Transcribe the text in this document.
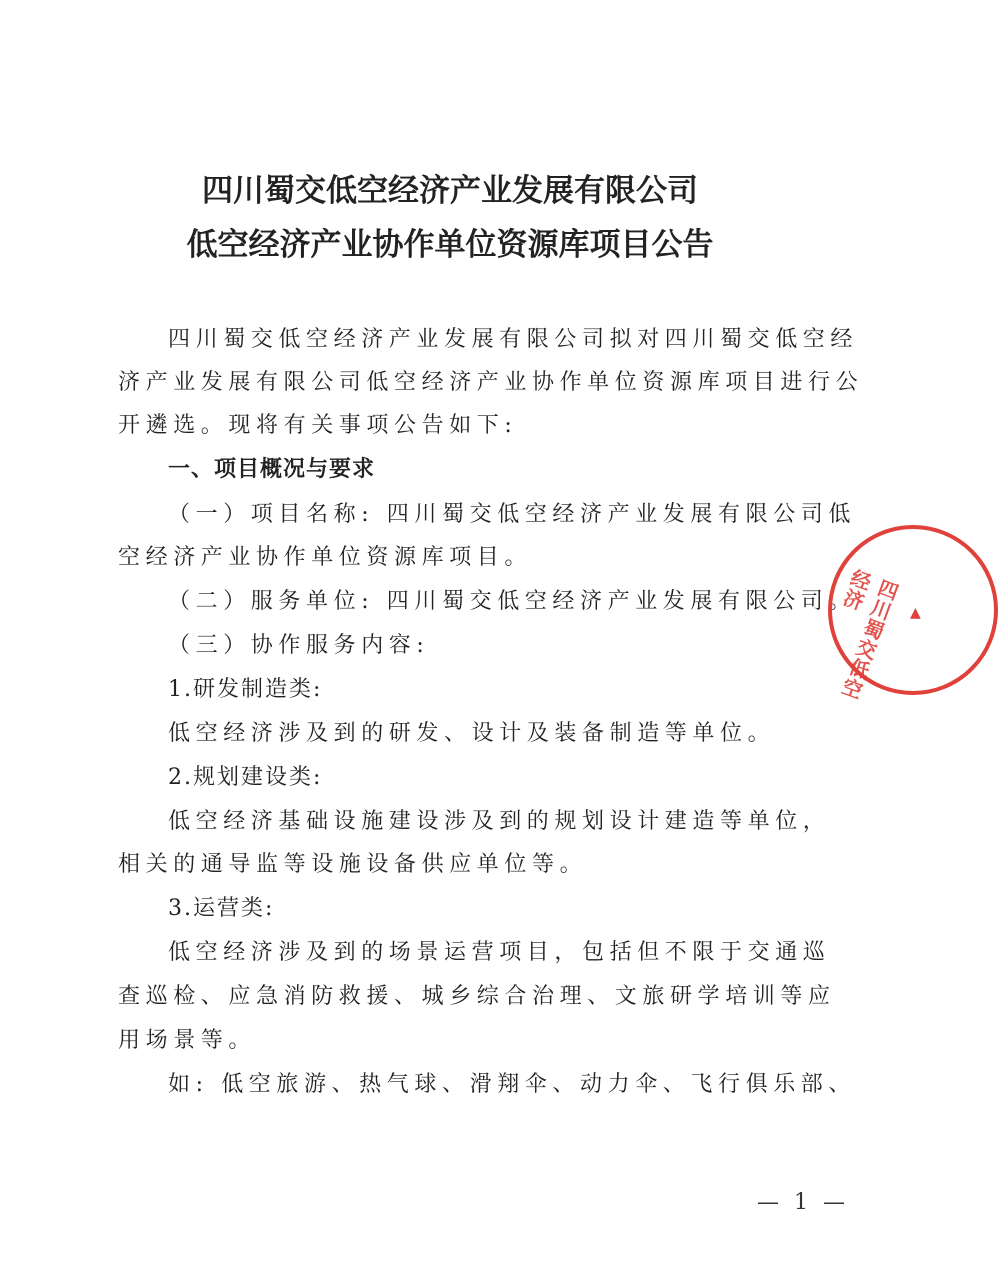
四川蜀交低空经济产业发展有限公司
低空经济产业协作单位资源库项目公告
四川蜀交低空经济产业发展有限公司拟对四川蜀交低空经
济产业发展有限公司低空经济产业协作单位资源库项目进行公
开遴选。现将有关事项公告如下:
一、项目概况与要求
（一）项目名称: 四川蜀交低空经济产业发展有限公司低
空经济产业协作单位资源库项目。
（二）服务单位: 四川蜀交低空经济产业发展有限公司。
（三）协作服务内容:
1.研发制造类:
低空经济涉及到的研发、设计及装备制造等单位。
2.规划建设类:
低空经济基础设施建设涉及到的规划设计建造等单位，
相关的通导监等设施设备供应单位等。
3.运营类:
低空经济涉及到的场景运营项目，包括但不限于交通巡
查巡检、应急消防救援、城乡综合治理、文旅研学培训等应
用场景等。
如: 低空旅游、热气球、滑翔伞、动力伞、飞行俱乐部、
四川蜀交低空经济	▲
— 1 —
